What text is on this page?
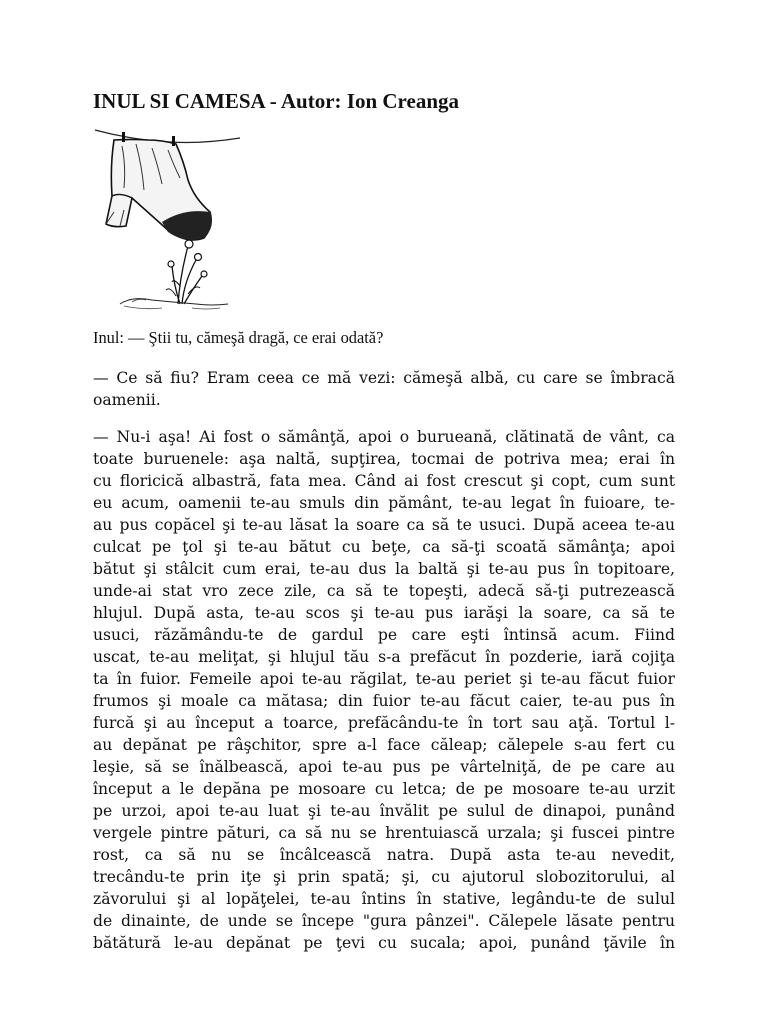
INUL SI CAMESA - Autor: Ion Creanga

Inul: — Ştii tu, cămeşă dragă, ce erai odată?

— Ce să fiu? Eram ceea ce mă vezi: cămeşă albă, cu care se îmbracă
oamenii.

— Nu-i aşa! Ai fost o sămânţă, apoi o burueană, clătinată de vânt, ca
toate buruenele: aşa naltă, supţirea, tocmai de potriva mea; erai în
cu floricică albastră, fata mea. Când ai fost crescut şi copt, cum sunt
eu acum, oamenii te-au smuls din pământ, te-au legat în fuioare, te-
au pus copăcel şi te-au lăsat la soare ca să te usuci. După aceea te-au
culcat pe ţol şi te-au bătut cu beţe, ca să-ţi scoată sămânţa; apoi
bătut şi stâlcit cum erai, te-au dus la baltă şi te-au pus în topitoare,
unde-ai stat vro zece zile, ca să te topeşti, adecă să-ţi putrezească
hlujul. După asta, te-au scos şi te-au pus iarăşi la soare, ca să te
usuci, răzămându-te de gardul pe care eşti întinsă acum. Fiind
uscat, te-au meliţat, şi hlujul tău s-a prefăcut în pozderie, iară cojiţa
ta în fuior. Femeile apoi te-au răgilat, te-au periet şi te-au făcut fuior
frumos şi moale ca mătasa; din fuior te-au făcut caier, te-au pus în
furcă şi au început a toarce, prefăcându-te în tort sau aţă. Tortul l-
au depănat pe râşchitor, spre a-l face căleap; călepele s-au fert cu
leşie, să se înălbească, apoi te-au pus pe vârtelniţă, de pe care au
început a le depăna pe mosoare cu letca; de pe mosoare te-au urzit
pe urzoi, apoi te-au luat şi te-au învălit pe sulul de dinapoi, punând
vergele pintre pături, ca să nu se hrentuiască urzala; şi fuscei pintre
rost, ca să nu se încâlcească natra. După asta te-au nevedit,
trecându-te prin iţe şi prin spată; şi, cu ajutorul slobozitorului, al
zăvorului şi al lopăţelei, te-au întins în stative, legându-te de sulul
de dinainte, de unde se începe "gura pânzei". Călepele lăsate pentru
bătătură le-au depănat pe ţevi cu sucala; apoi, punând ţăvile în
